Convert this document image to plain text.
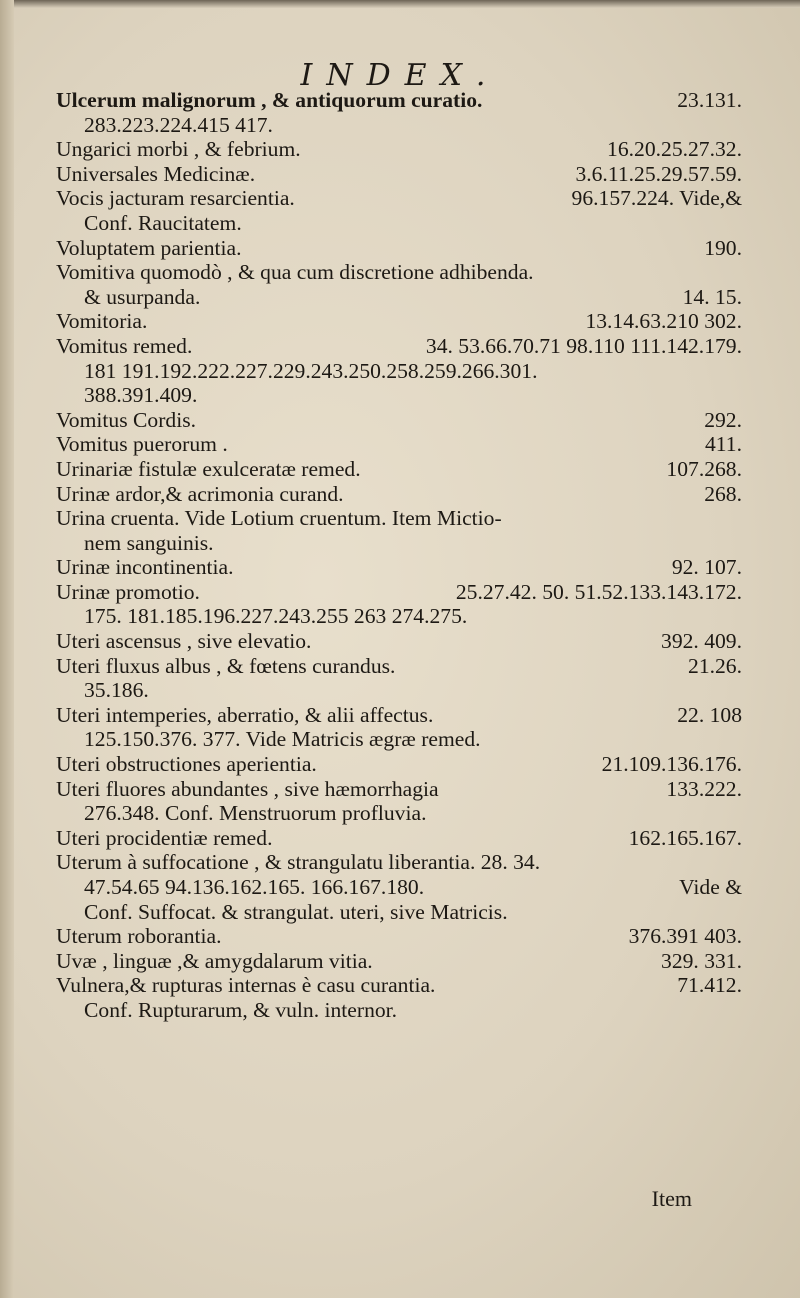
INDEX.
Ulcerum malignorum , & antiquorum curatio.	23.131.
283.223.224.415 417.
Ungarici morbi , & febrium.	16.20.25.27.32.
Universales Medicinæ.	3.6.11.25.29.57.59.
Vocis jacturam resarcientia.	96.157.224. Vide,&
Conf. Raucitatem.
Voluptatem parientia.	190.
Vomitiva quomodò , & qua cum discretione adhibenda.
& usurpanda.	14. 15.
Vomitoria.	13.14.63.210 302.
Vomitus remed.	34. 53.66.70.71 98.110 111.142.179.
181 191.192.222.227.229.243.250.258.259.266.301.
388.391.409.
Vomitus Cordis.	292.
Vomitus puerorum .	411.
Urinariæ fistulæ exulceratæ remed.	107.268.
Urinæ ardor,& acrimonia curand.	268.
Urina cruenta. Vide Lotium cruentum. Item Mictio-
nem sanguinis.
Urinæ incontinentia.	92. 107.
Urinæ promotio.	25.27.42. 50. 51.52.133.143.172.
175. 181.185.196.227.243.255 263 274.275.
Uteri ascensus , sive elevatio.	392. 409.
Uteri fluxus albus , & fœtens curandus.	21.26.
35.186.
Uteri intemperies, aberratio, & alii affectus.	22. 108
125.150.376. 377. Vide Matricis ægræ remed.
Uteri obstructiones aperientia.	21.109.136.176.
Uteri fluores abundantes , sive hæmorrhagia	133.222.
276.348. Conf. Menstruorum profluvia.
Uteri procidentiæ remed.	162.165.167.
Uterum à suffocatione , & strangulatu liberantia. 28. 34.
47.54.65 94.136.162.165. 166.167.180.	Vide &
Conf. Suffocat. & strangulat. uteri, sive Matricis.
Uterum roborantia.	376.391 403.
Uvæ , linguæ ,& amygdalarum vitia.	329. 331.
Vulnera,& rupturas internas è casu curantia.	71.412.
Conf. Rupturarum, & vuln. internor.
Item
